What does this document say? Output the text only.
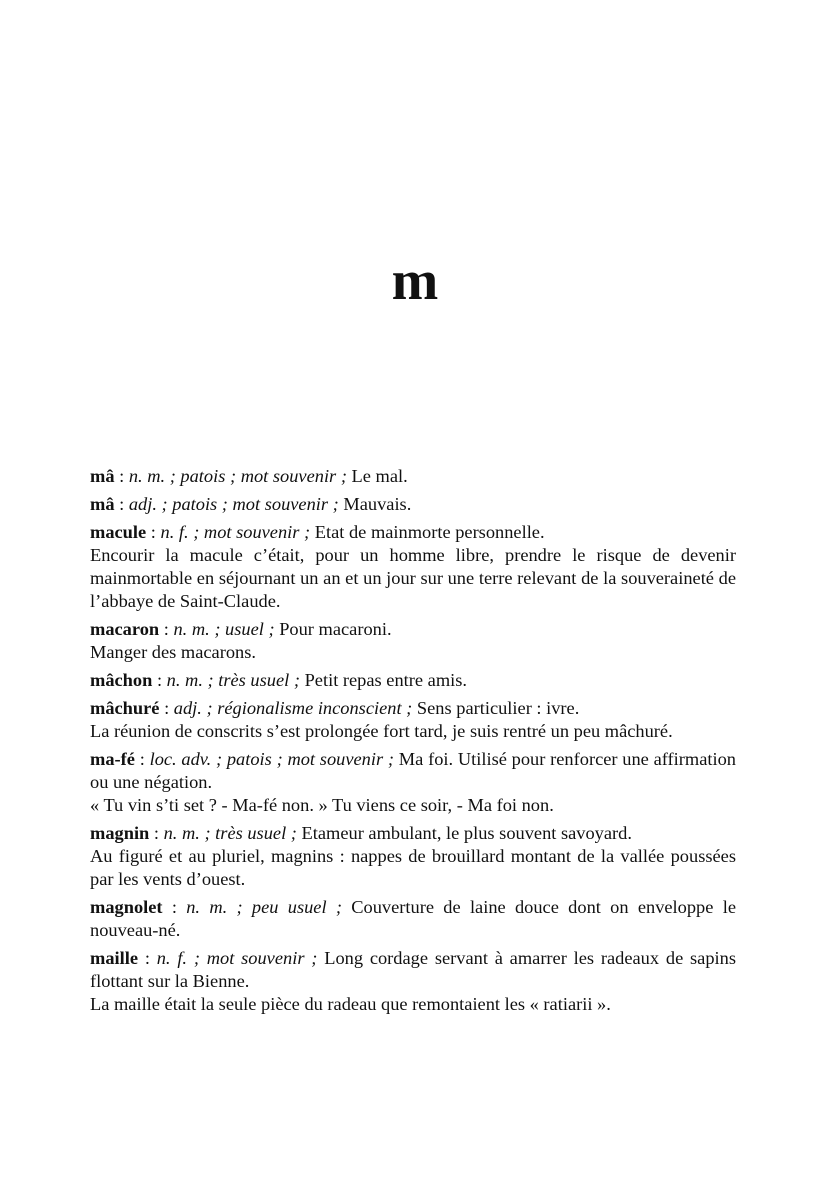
m
mâ : n. m. ; patois ; mot souvenir ; Le mal.
mâ : adj. ; patois ; mot souvenir ; Mauvais.
macule : n. f. ; mot souvenir ; Etat de mainmorte personnelle.
Encourir la macule c’était, pour un homme libre, prendre le risque de devenir mainmortable en séjournant un an et un jour sur une terre relevant de la souveraineté de l’abbaye de Saint-Claude.
macaron : n. m. ; usuel ; Pour macaroni.
Manger des macarons.
mâchon : n. m. ; très usuel ; Petit repas entre amis.
mâchuré : adj. ; régionalisme inconscient ; Sens particulier : ivre.
La réunion de conscrits s’est prolongée fort tard, je suis rentré un peu mâchuré.
ma-fé : loc. adv. ; patois ; mot souvenir ; Ma foi. Utilisé pour renforcer une affirmation ou une négation.
« Tu vin s’ti set ? - Ma-fé non. » Tu viens ce soir, - Ma foi non.
magnin : n. m. ; très usuel ; Etameur ambulant, le plus souvent savoyard.
Au figuré et au pluriel, magnins : nappes de brouillard montant de la vallée poussées par les vents d’ouest.
magnolet : n. m. ; peu usuel ; Couverture de laine douce dont on enveloppe le nouveau-né.
maille : n. f. ; mot souvenir ; Long cordage servant à amarrer les radeaux de sapins flottant sur la Bienne.
La maille était la seule pièce du radeau que remontaient les « ratiarii ».
